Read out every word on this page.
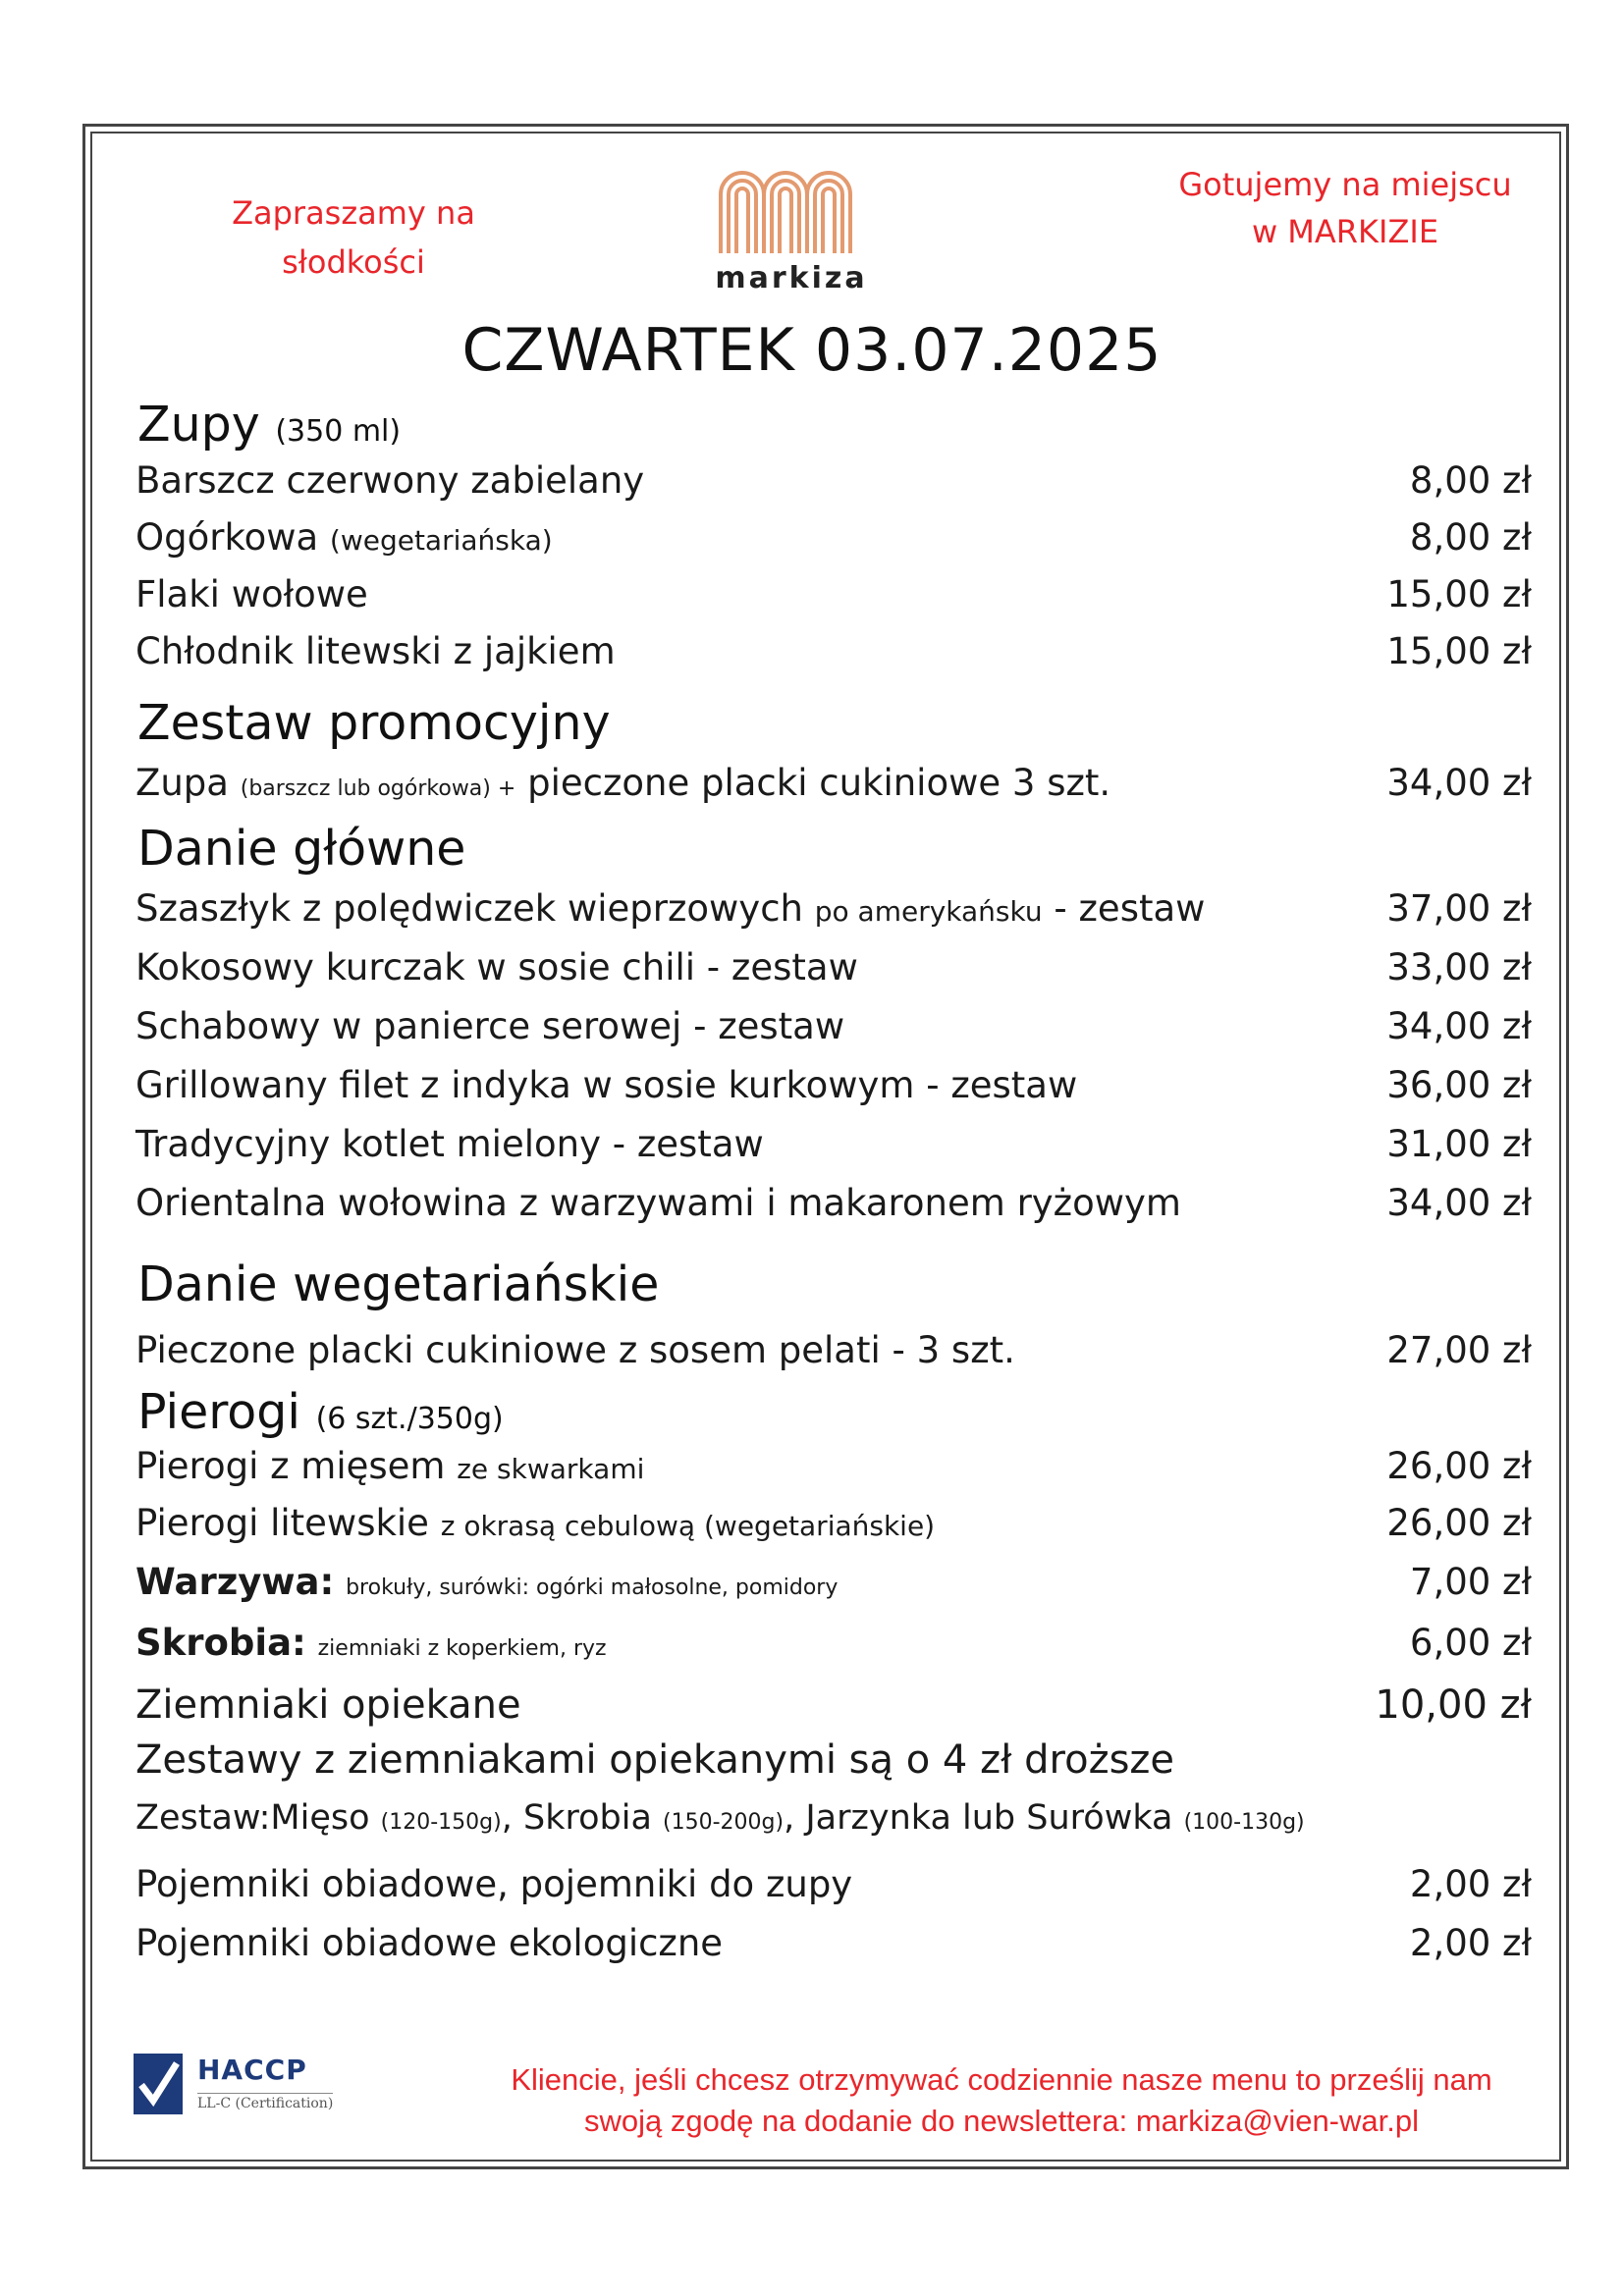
Zapraszamy na
słodkości	markiza
Gotujemy na miejscu
w MARKIZIE
CZWARTEK 03.07.2025
Zupy (350 ml)
Barszcz czerwony zabielany	8,00 zł
Ogórkowa (wegetariańska)	8,00 zł
Flaki wołowe	15,00 zł
Chłodnik litewski z jajkiem	15,00 zł
Zestaw promocyjny
Zupa (barszcz lub ogórkowa) + pieczone placki cukiniowe 3 szt.	34,00 zł
Danie główne
Szaszłyk z polędwiczek wieprzowych po amerykańsku - zestaw	37,00 zł
Kokosowy kurczak w sosie chili - zestaw	33,00 zł
Schabowy w panierce serowej - zestaw	34,00 zł
Grillowany filet z indyka w sosie kurkowym - zestaw	36,00 zł
Tradycyjny kotlet mielony - zestaw	31,00 zł
Orientalna wołowina z warzywami i makaronem ryżowym	34,00 zł
Danie wegetariańskie
Pieczone placki cukiniowe z sosem pelati - 3 szt.	27,00 zł
Pierogi (6 szt./350g)
Pierogi z mięsem ze skwarkami	26,00 zł
Pierogi litewskie z okrasą cebulową (wegetariańskie)	26,00 zł
Warzywa: brokuły, surówki: ogórki małosolne, pomidory	7,00 zł
Skrobia: ziemniaki z koperkiem, ryz	6,00 zł
Ziemniaki opiekane	10,00 zł
Zestawy z ziemniakami opiekanymi są o 4 zł droższe
Zestaw:Mięso (120-150g), Skrobia (150-200g), Jarzynka lub Surówka (100-130g)
Pojemniki obiadowe, pojemniki do zupy	2,00 zł
Pojemniki obiadowe ekologiczne	2,00 zł
HACCP
LL-C (Certification)
Kliencie, jeśli chcesz otrzymywać codziennie nasze menu to prześlij nam
swoją zgodę na dodanie do newslettera: markiza@vien-war.pl
